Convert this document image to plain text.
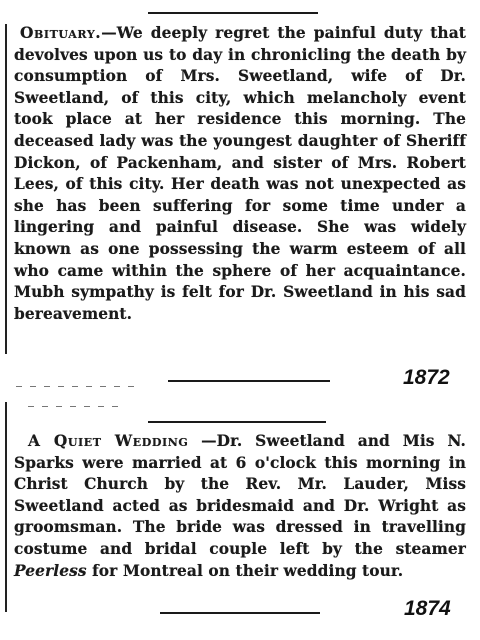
Obituary.—We deeply regret the painful duty that devolves upon us to day in chronicling the death by consumption of Mrs. Sweetland, wife of Dr. Sweetland, of this city, which melancholy event took place at her residence this morning. The deceased lady was the youngest daughter of Sheriff Dickon, of Packenham, and sister of Mrs. Robert Lees, of this city. Her death was not unexpected as she has been suffering for some time under a lingering and painful disease. She was widely known as one possessing the warm esteem of all who came within the sphere of her acquaintance. Mubh sympathy is felt for Dr. Sweetland in his sad bereavement.

1872

A Quiet Wedding —Dr. Sweetland and Mis N. Sparks were married at 6 o'clock this morning in Christ Church by the Rev. Mr. Lauder, Miss Sweetland acted as bridesmaid and Dr. Wright as groomsman. The bride was dressed in travelling costume and bridal couple left by the steamer Peerless for Montreal on their wedding tour.

1874
